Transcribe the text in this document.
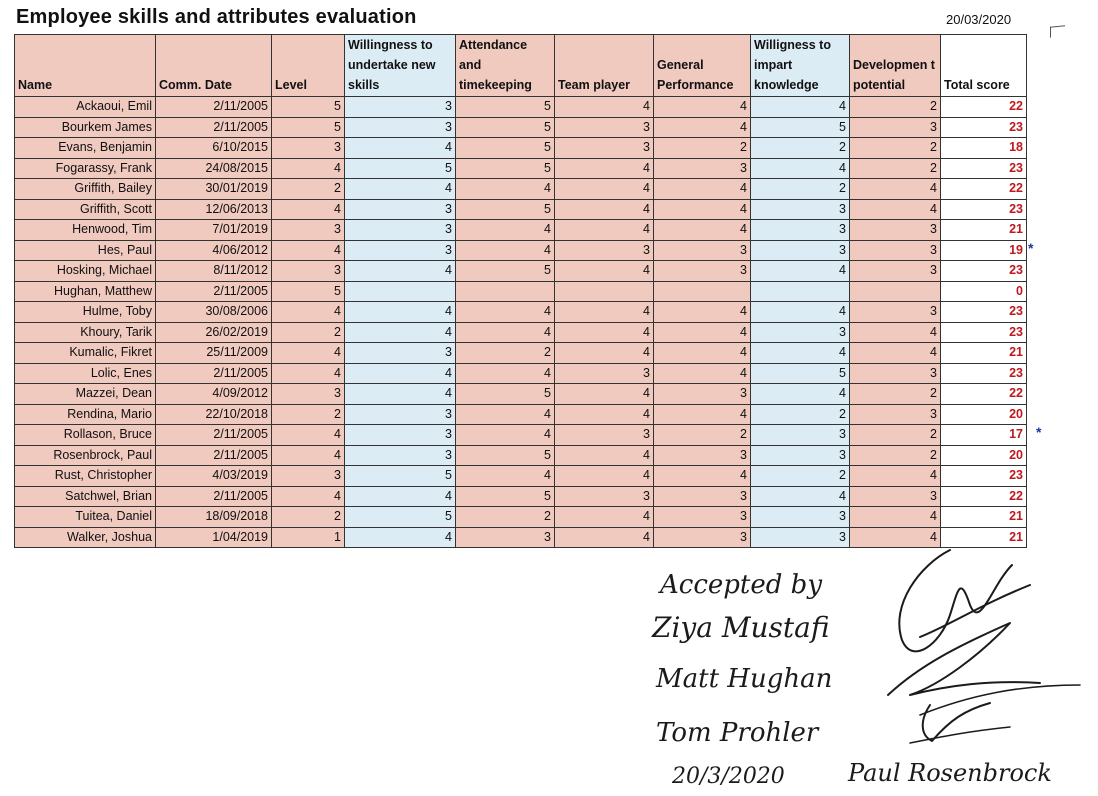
Employee skills and attributes evaluation	20/03/2020
Name	Comm. Date	Level	Willingness to undertake new skills	Attendance and timekeeping	Team player	General Performance	Willigness to impart knowledge	Developmen t potential	Total score
Ackaoui, Emil	2/11/2005	5	3	5	4	4	4	2	22
Bourkem James	2/11/2005	5	3	5	3	4	5	3	23
Evans, Benjamin	6/10/2015	3	4	5	3	2	2	2	18
Fogarassy, Frank	24/08/2015	4	5	5	4	3	4	2	23
Griffith, Bailey	30/01/2019	2	4	4	4	4	2	4	22
Griffith, Scott	12/06/2013	4	3	5	4	4	3	4	23
Henwood, Tim	7/01/2019	3	3	4	4	4	3	3	21
Hes, Paul	4/06/2012	4	3	4	3	3	3	3	19
Hosking, Michael	8/11/2012	3	4	5	4	3	4	3	23
Hughan, Matthew	2/11/2005	5							0
Hulme, Toby	30/08/2006	4	4	4	4	4	4	3	23
Khoury, Tarik	26/02/2019	2	4	4	4	4	3	4	23
Kumalic, Fikret	25/11/2009	4	3	2	4	4	4	4	21
Lolic, Enes	2/11/2005	4	4	4	3	4	5	3	23
Mazzei, Dean	4/09/2012	3	4	5	4	3	4	2	22
Rendina, Mario	22/10/2018	2	3	4	4	4	2	3	20
Rollason, Bruce	2/11/2005	4	3	4	3	2	3	2	17
Rosenbrock, Paul	2/11/2005	4	3	5	4	3	3	2	20
Rust, Christopher	4/03/2019	3	5	4	4	4	2	4	23
Satchwel, Brian	2/11/2005	4	4	5	3	3	4	3	22
Tuitea, Daniel	18/09/2018	2	5	2	4	3	3	4	21
Walker, Joshua	1/04/2019	1	4	3	4	3	3	4	21
*
*
Accepted by
Ziya Mustafi
Matt Hughan
Tom Prohler
20/3/2020	Paul Rosenbrock
